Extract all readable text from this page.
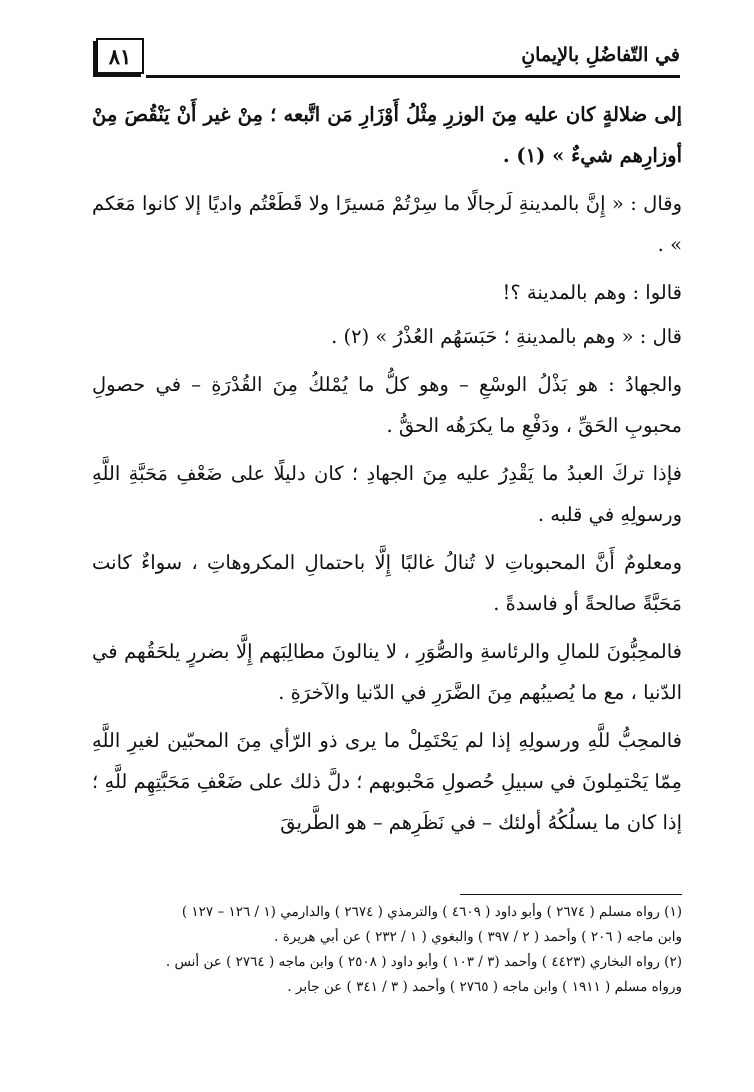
٨١	في التّفاضُلِ بالإيمانِ

إلى ضلالةٍ كان عليه مِنَ الوزرِ مِثْلُ أَوْزَارِ مَن اتَّبعه ؛ مِنْ غير أَنْ يَنْقُصَ مِنْ أوزارِهم شيءٌ » (١) .

وقال : « إِنَّ بالمدينةِ لَرجالًا ما سِرْتُمْ مَسيرًا ولا قَطَعْتُم واديًا إلا كانوا مَعَكم » .

قالوا : وهم بالمدينة ؟!

قال : « وهم بالمدينةِ ؛ حَبَسَهُم العُذْرُ » (٢) .

والجهادُ : هو بَذْلُ الوسْعِ – وهو كلُّ ما يُمْلكُ مِنَ القُدْرَةِ – في حصولِ محبوبِ الحَقِّ ، ودَفْعِ ما يكرَهُه الحقُّ .

فإذا تركَ العبدُ ما يَقْدِرُ عليه مِنَ الجهادِ ؛ كان دليلًا على ضَعْفِ مَحَبَّةِ اللَّهِ ورسولِهِ في قلبه .

ومعلومٌ أَنَّ المحبوباتِ لا تُنالُ غالبًا إِلَّا باحتمالِ المكروهاتِ ، سواءٌ كانت مَحَبَّةً صالحةً أو فاسدةً .

فالمحِبُّونَ للمالِ والرئاسةِ والصُّوَرِ ، لا ينالونَ مطالِبَهم إِلَّا بضررٍ يلحَقُهم في الدّنيا ، مع ما يُصيبُهم مِنَ الضَّرَرِ في الدّنيا والآخرَةِ .

فالمحِبُّ للَّهِ ورسولِهِ إذا لم يَحْتَمِلْ ما يرى ذو الرّأي مِنَ المحبّين لغيرِ اللَّهِ مِمّا يَحْتمِلونَ في سبيلِ حُصولِ مَحْبوبهم ؛ دلَّ ذلك على ضَعْفِ مَحَبَّتِهِم للَّهِ ؛ إذا كان ما يسلُكُهُ أولئك – في نَظَرِهم – هو الطَّريقَ

(١) رواه مسلم ( ٢٦٧٤ ) وأبو داود ( ٤٦٠٩ ) والترمذي ( ٢٦٧٤ ) والدارمي (١ / ١٢٦ – ١٢٧ )

وابن ماجه ( ٢٠٦ ) وأحمد ( ٢ / ٣٩٧ ) والبغوي ( ١ / ٢٣٢ ) عن أبي هريرة .

(٢) رواه البخاري (٤٤٢٣ ) وأحمد (٣ / ١٠٣ ) وأبو داود ( ٢٥٠٨ ) وابن ماجه ( ٢٧٦٤ ) عن أنس .

ورواه مسلم ( ١٩١١ ) وابن ماجه ( ٢٧٦٥ ) وأحمد ( ٣ / ٣٤١ ) عن جابر .
